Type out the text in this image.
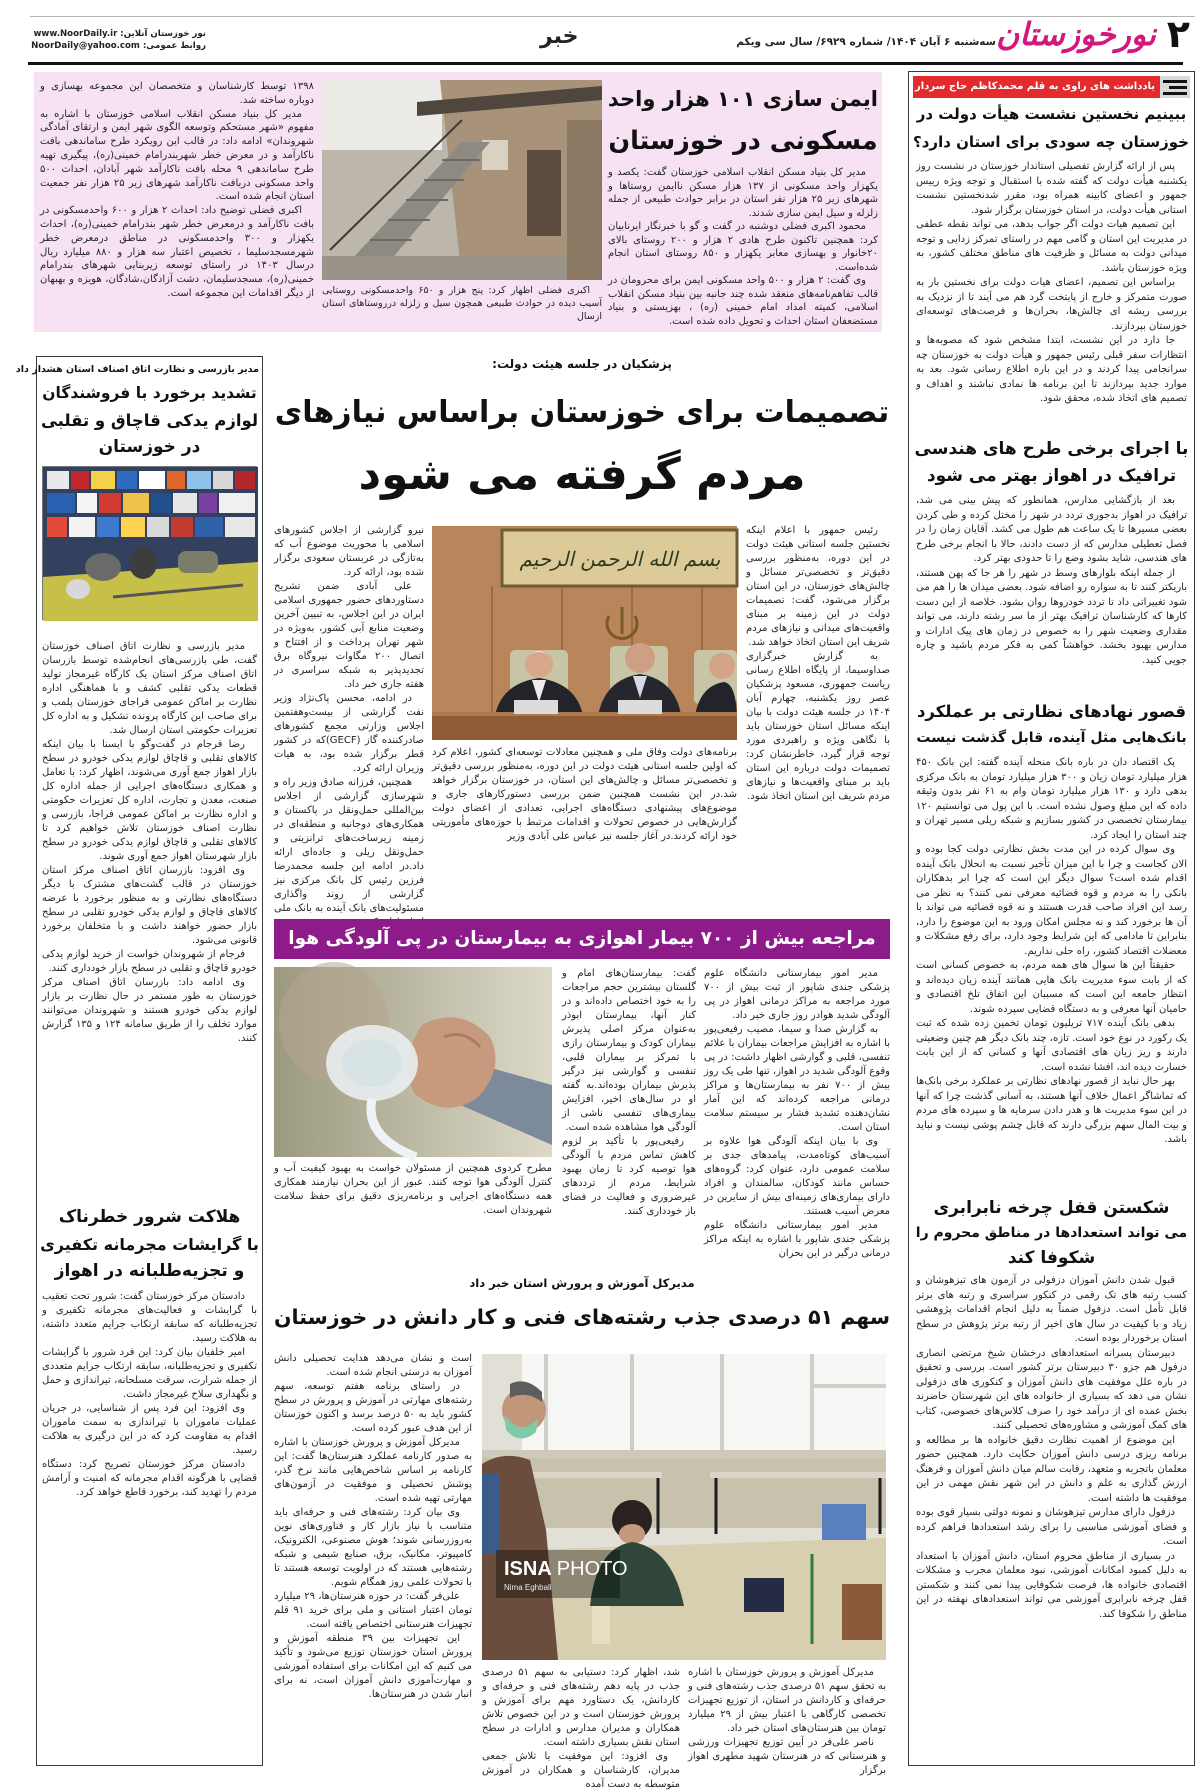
۲
نورخوزستان
سه‌شنبه ۶ آبان ۱۴۰۴/ شماره ۶۹۲۹/ سال سی ویکم
خبر
نور خوزستان آنلاین: www.NoorDaily.ir
روابط عمومی: NoorDaily@yahoo.com
ایمن سازی ۱۰۱ هزار واحد
مسکونی در خوزستان

مدیر کل بنیاد مسکن انقلاب اسلامی خوزستان گفت: یکصد و یکهزار واحد مسکونی از ۱۳۷ هزار مسکن ناایمن روستاها و شهرهای زیر ۲۵ هزار نفر استان در برابر حوادث طبیعی از جمله زلزله و سیل ایمن سازی شدند.

محمود اکبری فضلی دوشنبه در گفت و گو با خبرنگار ایرنابیان کرد: همچنین تاکنون طرح هادی ۲ هزار و ۲۰۰ روستای بالای ۲۰خانوار و بهسازی معابر یکهزار و ۸۵۰ روستای استان انجام شده‌است.

وی گفت: ۲ هزار و ۵۰۰ واحد مسکونی ایمن برای محرومان در قالب تفاهم‌نامه‌های منعقد شده چند جانبه بین بنیاد مسکن انقلاب اسلامی، کمیته امداد امام خمینی (ره) ، بهزیستی و بنیاد مستضعفان استان احداث و تحویل داده شده است.

اکبری فضلی اظهار کرد: پنج هزار و ۶۵۰ واحدمسکونی روستایی آسیب دیده در حوادث طبیعی همچون سیل و زلزله درروستاهای استان ازسال

۱۳۹۸ توسط کارشناسان و متخصصان این مجموعه بهسازی و دوباره ساخته شد.

مدیر کل بنیاد مسکن انقلاب اسلامی خوزستان با اشاره به مفهوم «شهر مستحکم وتوسعه الگوی شهر ایمن و ارتقای آمادگی شهروندان» ادامه داد: در قالب این رویکرد طرح ساماندهی بافت ناکارآمد و در معرض خطر شهربندرامام خمینی(ره)، پیگیری تهیه طرح ساماندهی ۹ محله بافت ناکارآمد شهر آبادان، احداث ۵۰۰ واحد مسکونی دربافت ناکارآمد شهرهای زیر ۲۵ هزار نفر جمعیت استان انجام شده است.

اکبری فضلی توضیح داد: احداث ۲ هزار و ۶۰۰ واحدمسکونی در بافت ناکارآمد و درمعرض خطر شهر بندرامام خمینی(ره)، احداث یکهزار و ۳۰۰ واحدمسکونی در مناطق درمعرض خطر شهرمسجدسلیما ، تخصیص اعتبار سه هزار و ۸۸۰ میلیارد ریال درسال ۱۴۰۳ در راستای توسعه زیربنایی شهرهای بندرامام خمینی(ره)، مسجدسلیمان، دشت آزادگان،شادگان، هویزه و بهبهان از دیگر اقدامات این مجموعه است.

یادداشت های راوی به قلم محمدکاظم حاج سردار
ببینیم نخستین نشست هیأت دولت در
خوزستان چه سودی برای استان دارد؟

پس از ارائه گزارش تفصیلی استاندار خوزستان در نشست روز یکشنبه هیأت دولت که گفته شده با استقبال و توجه ویژه رییس جمهور و اعضای کابینه همراه بود، مقرر شدنخستین نشست استانی هیأت دولت، در استان خوزستان برگزار شود.

این تصمیم هیات دولت اگر جواب بدهد، می تواند نقطه عطفی در مدیریت این استان و گامی مهم در راستای تمرکز زدایی و توجه میدانی دولت به مسائل و ظرفیت های مناطق مختلف کشور، به ویژه خوزستان باشد.

براساس این تصمیم، اعضای هیات دولت برای نخستین بار به صورت متمرکز و خارج از پایتخت گرد هم می آیند تا از نزدیک به بررسی ریشه ای چالش‌ها، بحران‌ها و فرصت‌های توسعه‌ای خوزستان بپردازند.

جا دارد در این نشست، ابتدا مشخص شود که مصوبه‌ها و انتظارات سفر قبلی رئیس جمهور و هیأت دولت به خوزستان چه سرانجامی پیدا کردند و در این باره اطلاع رسانی شود. بعد به موارد جدید بپردازند تا این برنامه ها نمادی نباشند و اهداف و تصمیم های اتخاذ شده، محقق شود.

با اجرای برخی طرح های هندسی
ترافیک در اهواز بهتر می شود

بعد از بازگشایی مدارس، همانطور که پیش بینی می شد، ترافیک در اهواز بدجوری تردد در شهر را مختل کرده و طی کردن بعضی مسیرها تا یک ساعت هم طول می کشد. آقایان زمان را در فصل تعطیلی مدارس که از دست دادند، حالا با انجام برخی طرح های هندسی، شاید بشود وضع را تا حدودی بهتر کرد.

از جمله اینکه بلوارهای وسط در شهر را هر جا که پهن هستند، باریکتر کنند تا به سواره رو اضافه شود. بعضی میدان ها را هم می شود تغییراتی داد تا تردد خودروها روان بشود. خلاصه از این دست کارها که کارشناسان ترافیک بهتر از ما سر رشته دارند، می تواند مقداری وضعیت شهر را به خصوص در زمان های پیک ادارات و مدارس بهبود بخشد. خواهشاً کمی به فکر مردم باشید و چاره جویی کنید.

قصور نهادهای نظارتی بر عملکرد
بانک‌هایی مثل آینده، قابل گذشت نیست

یک اقتصاد دان در باره بانک منحله آینده گفته: این بانک ۴۵۰ هزار میلیارد تومان زیان و ۳۰۰ هزار میلیارد تومان به بانک مرکزی بدهی دارد و ۱۳۰ هزار میلیارد تومان وام به ۶۱ نفر بدون وثیقه داده که این مبلغ وصول نشده است. با این پول می توانستیم ۱۲۰ بیمارستان تخصصی در کشور بسازیم و شبکه ریلی مسیر تهران و چند استان را ایجاد کرد.

وی سوال کرده در این مدت بخش نظارتی دولت کجا بوده و الان کجاست و چرا با این میزان تأخیر نسبت به انحلال بانک آینده اقدام شده است؟ سوال دیگر این است که چرا ابر بدهکاران بانکی را به مردم و قوه قضائیه معرفی نمی کنند؟ به نظر می رسد این افراد صاحب قدرت هستند و نه قوه قضائیه می تواند با آن ها برخورد کند و نه مجلس امکان ورود به این موضوع را دارد، بنابراین تا مادامی که این شرایط وجود دارد، برای رفع مشکلات و معضلات اقتصاد کشور، راه حلی نداریم.

حقیقتاً این ها سوال های همه مردم، به خصوص کسانی است که از بابت سوء مدیریت بانک هایی همانند آینده زیان دیده‌اند و انتظار جامعه این است که مسببان این اتفاق تلخ اقتصادی و حامیان آنها معرفی و به دستگاه قضایی سپرده شوند.

بدهی بانک آینده ۷۱۷ تریلیون تومان تخمین زده شده که ثبت یک رکورد در نوع خود است. تازه، چند بانک دیگر هم چنین وضعیتی دارند و ریز زیان های اقتصادی آنها و کسانی که از این بابت خسارت دیده اند، افشا نشده است.

بهر حال نباید از قصور نهادهای نظارتی بر عملکرد برخی بانک‌ها که تماشاگر اعمال خلاف آنها هستند، به آسانی گذشت چرا که آنها در این سوء مدیریت ها و هدر دادن سرمایه ها و سپرده های مردم و بیت المال سهم بزرگی دارند که قابل چشم پوشی نیست و نباید باشد.

شکستن قفل چرخه نابرابری
می تواند استعدادها در مناطق محروم را
شکوفا کند

قبول شدن دانش آموزان دزفولی در آزمون های تیزهوشان و کسب رتبه های تک رقمی در کنکور سراسری و رتبه های برتر قابل تأمل است. دزفول ضمناً به دلیل انجام اقدامات پژوهشی زیاد و با کیفیت در سال های اخیر از رتبه برتر پژوهش در سطح استان برخوردار بوده است.

دبیرستان پسرانه استعدادهای درخشان شیخ مرتضی انصاری دزفول هم جزو ۳۰ دبیرستان برتر کشور است. بررسی و تحقیق در باره علل موفقیت های دانش آموزان و کنکوری های دزفولی نشان می دهد که بسیاری از خانواده های این شهرستان حاضرند بخش عمده ای از درآمد خود را صرف کلاس‌های خصوصی، کتاب های کمک آموزشی و مشاوره‌های تحصیلی کنند.

این موضوع از اهمیت نظارت دقیق خانواده ها بر مطالعه و برنامه ریزی درسی دانش آموزان حکایت دارد. همچنین حضور معلمان باتجربه و متعهد، رقابت سالم میان دانش آموزان و فرهنگ ارزش گذاری به علم و دانش در این شهر نقش مهمی در این موفقیت ها داشته است.

دزفول دارای مدارس تیزهوشان و نمونه دولتی بسیار قوی بوده و فضای آموزشی مناسبی را برای رشد استعدادها فراهم کرده است.

در بسیاری از مناطق محروم استان، دانش آموزان با استعداد به دلیل کمبود امکانات آموزشی، نبود معلمان مجرب و مشکلات اقتصادی خانواده ها، فرصت شکوفایی پیدا نمی کنند و شکستن قفل چرخه نابرابری آموزشی می تواند استعدادهای نهفته در این مناطق را شکوفا کند.

مدیر بازرسی و نظارت اتاق اصناف استان هشدار داد
تشدید برخورد با فروشندگان
لوازم یدکی قاچاق و تقلبی
در خوزستان

مدیر بازرسی و نظارت اتاق اصناف خوزستان گفت، طی بازرسی‌های انجام‌شده توسط بازرسان اتاق اصناف مرکز استان یک کارگاه غیرمجاز تولید قطعات یدکی تقلبی کشف و با هماهنگی اداره نظارت بر اماکن عمومی فراجای خوزستان پلمب و برای صاحب این کارگاه پرونده تشکیل و به اداره کل تعزیرات حکومتی استان ارسال شد.

رضا فرجام در گفت‌وگو با ایسنا با بیان اینکه کالاهای تقلبی و قاچاق لوازم یدکی خودرو در سطح بازار اهواز جمع آوری می‌شوند، اظهار کرد: با تعامل و همکاری دستگاه‌های اجرایی از جمله اداره کل صنعت، معدن و تجارت، اداره کل تعزیرات حکومتی و اداره نظارت بر اماکن عمومی فراجا، بازرسی و نظارت اصناف خوزستان تلاش خواهیم کرد تا کالاهای تقلبی و قاچاق لوازم یدکی خودرو در سطح بازار شهرستان اهواز جمع آوری شوند.

وی افزود: بازرسان اتاق اصناف مرکز استان خوزستان در قالب گشت‌های مشترک با دیگر دستگاه‌های نظارتی و به منظور برخورد با عرضه کالاهای قاچاق و لوازم یدکی خودرو تقلبی در سطح بازار حضور خواهند داشت و با متخلفان برخورد قانونی می‌شود.

فرجام از شهروندان خواست از خرید لوازم یدکی خودرو قاچاق و تقلبی در سطح بازار خودداری کنند.

وی ادامه داد: بازرسان اتاق اصناف مرکز خوزستان به طور مستمر در حال نظارت بر بازار لوازم یدکی خودرو هستند و شهروندان می‌توانند موارد تخلف را از طریق سامانه ۱۲۴ و ۱۳۵ گزارش کنند.

هلاکت شرور خطرناک
با گرایشات مجرمانه تکفیری
و تجزیه‌طلبانه در اهواز

دادستان مرکز خوزستان گفت: شرور تحت تعقیب با گرایشات و فعالیت‌های مجرمانه تکفیری و تجزیه‌طلبانه که سابقه ارتکاب جرایم متعدد داشته، به هلاکت رسید.

امیر خلفیان بیان کرد: این فرد شرور با گرایشات تکفیری و تجزیه‌طلبانه، سابقه ارتکاب جرایم متعددی از جمله شرارت، سرقت مسلحانه، تیراندازی و حمل و نگهداری سلاح غیرمجاز داشت.

وی افزود: این فرد پس از شناسایی، در جریان عملیات ماموران با تیراندازی به سمت ماموران اقدام به مقاومت کرد که در این درگیری به هلاکت رسید.

دادستان مرکز خوزستان تصریح کرد: دستگاه قضایی با هرگونه اقدام مجرمانه که امنیت و آرامش مردم را تهدید کند، برخورد قاطع خواهد کرد.

پزشکیان در جلسه هیئت دولت:
تصمیمات برای خوزستان براساس نیازهای
مردم گرفته می شود

رئیس جمهور با اعلام اینکه نخستین جلسه استانی هیئت دولت در این دوره، به‌منظور بررسی دقیق‌تر و تخصصی‌تر مسائل و چالش‌های خوزستان، در این استان برگزار می‌شود، گفت: تصمیمات دولت در این زمینه بر مبنای واقعیت‌های میدانی و نیازهای مردم شریف این استان اتخاذ خواهد شد.

به گزارش خبرگزاری صداوسیما، از پایگاه اطلاع رسانی ریاست جمهوری، مسعود پزشکیان عصر روز یکشنبه، چهارم آبان ۱۴۰۴ در جلسه هیئت دولت با بیان اینکه مسائل استان خوزستان باید با نگاهی ویژه و راهبردی مورد توجه قرار گیرد، خاطرنشان کرد: تصمیمات دولت درباره این استان باید بر مبنای واقعیت‌ها و نیازهای مردم شریف این استان اتخاذ شود.

بسم الله الرحمن الرحیم

برنامه‌های دولت وفاق ملی و همچنین معادلات توسعه‌ای کشور، اعلام کرد که اولین جلسه استانی هیئت دولت در این دوره، به‌منظور بررسی دقیق‌تر و تخصصی‌تر مسائل و چالش‌های این استان، در خوزستان برگزار خواهد شد.در این نشست همچنین ضمن بررسی دستورکارهای جاری و موضوع‌های پیشنهادی دستگاه‌های اجرایی، تعدادی از اعضای دولت گزارش‌هایی در خصوص تحولات و اقدامات مرتبط با حوزه‌های مأموریتی خود ارائه کردند.در آغاز جلسه نیز عباس علی آبادی وزیر

نیرو گزارشی از اجلاس کشورهای اسلامی با محوریت موضوع آب که به‌تازگی در عربستان سعودی برگزار شده بود، ارائه کرد.

علی آبادی ضمن تشریح دستاوردهای حضور جمهوری اسلامی ایران در این اجلاس، به تبیین آخرین وضعیت منابع آبی کشور، به‌ویژه در شهر تهران پرداخت و از افتتاح و اتصال ۲۰۰ مگاوات نیروگاه برق تجدیدپذیر به شبکه سراسری در هفته جاری خبر داد.

در ادامه، محسن پاک‌نژاد وزیر نفت گزارشی از بیست‌وهفتمین اجلاس وزارتی مجمع کشورهای صادرکننده گاز (GECF)که در کشور قطر برگزار شده بود، به هیات وزیران ارائه کرد.

همچنین، فرزانه صادق وزیر راه و شهرسازی گزارشی از اجلاس بین‌المللی حمل‌ونقل در پاکستان و همکاری‌های دوجانبه و منطقه‌ای در زمینه زیرساخت‌های ترانزیتی و حمل‌ونقل ریلی و جاده‌ای ارائه داد.در ادامه این جلسه محمدرضا فرزین رئیس کل بانک مرکزی نیز گزارشی از روند واگذاری مسئولیت‌های بانک آینده به بانک ملی

مراجعه بیش از ۷۰۰ بیمار اهوازی به بیمارستان در پی آلودگی هوا

مدیر امور بیمارستانی دانشگاه علوم پزشکی جندی شاپور از ثبت بیش از ۷۰۰ مورد مراجعه به مراکز درمانی اهواز در پی آلودگی شدید هوادر روز جاری خبر داد.

به گزارش صدا و سیما، مصیب رفیعی‌پور با اشاره به افزایش مراجعات بیماران با علائم تنفسی، قلبی و گوارشی اظهار داشت: در پی وقوع آلودگی شدید در اهواز، تنها طی یک روز بیش از ۷۰۰ نفر به بیمارستان‌ها و مراکز درمانی مراجعه کرده‌اند که این آمار نشان‌دهنده تشدید فشار بر سیستم سلامت استان است.

وی با بیان اینکه آلودگی هوا علاوه بر آسیب‌های کوتاه‌مدت، پیامدهای جدی بر سلامت عمومی دارد، عنوان کرد: گروه‌های حساس مانند کودکان، سالمندان و افراد دارای بیماری‌های زمینه‌ای بیش از سایرین در معرض آسیب هستند.

مدیر امور بیمارستانی دانشگاه علوم پزشکی جندی شاپور با اشاره به اینکه مراکز درمانی درگیر در این بحران

گفت: بیمارستان‌های امام و گلستان بیشترین حجم مراجعات را به خود اختصاص داده‌اند و در کنار آنها، بیمارستان ابوذر به‌عنوان مرکز اصلی پذیرش بیماران کودک و بیمارستان رازی با تمرکز بر بیماران قلبی، تنفسی و گوارشی نیز درگیر پذیرش بیماران بوده‌اند.به گفته او در سال‌های اخیر، افزایش بیماری‌های تنفسی ناشی از آلودگی هوا مشاهده شده است.

رفیعی‌پور با تأکید بر لزوم کاهش تماس مردم با آلودگی هوا توصیه کرد تا زمان بهبود شرایط، مردم از ترددهای غیرضروری و فعالیت در فضای باز خودداری کنند.

مطرح کردوی همچنین از مسئولان خواست به بهبود کیفیت آب و کنترل آلودگی هوا توجه کنند. عبور از این بحران نیازمند همکاری همه دستگاه‌های اجرایی و برنامه‌ریزی دقیق برای حفظ سلامت شهروندان است.

مدیرکل آموزش و پرورش استان خبر داد
سهم ۵۱ درصدی جذب رشته‌های فنی و کار دانش در خوزستان

است و نشان می‌دهد هدایت تحصیلی دانش آموزان به درستی انجام شده است.

در راستای برنامه هفتم توسعه، سهم رشته‌های مهارتی در آموزش و پرورش در سطح کشور باید به ۵۰ درصد برسد و اکنون خوزستان از این هدف عبور کرده است.

مدیرکل آموزش و پرورش خوزستان با اشاره به صدور کارنامه عملکرد هنرستان‌ها گفت: این کارنامه بر اساس شاخص‌هایی مانند نرخ گذر، پوشش تحصیلی و موفقیت در آزمون‌های مهارتی تهیه شده است.

وی بیان کرد: رشته‌های فنی و حرفه‌ای باید متناسب با نیاز بازار کار و فناوری‌های نوین به‌روزرسانی شوند؛ هوش مصنوعی، الکترونیک، کامپیوتر، مکانیک، برق، صنایع شیمی و شبکه رشته‌هایی هستند که در اولویت توسعه هستند تا با تحولات علمی روز همگام شویم.

علی‌فر گفت: در حوزه هنرستان‌ها، ۲۹ میلیارد تومان اعتبار استانی و ملی برای خرید ۹۱ قلم تجهیزات هنرستانی اختصاص یافته است.

این تجهیزات بین ۳۹ منطقه آموزش و پرورش استان خوزستان توزیع می‌شود و تأکید می کنیم که این امکانات برای استفاده آموزشی و مهارت‌آموزی دانش آموزان است، نه برای انبار شدن در هنرستان‌ها.

ISNA PHOTO
Nima Eghbali

مدیرکل آموزش و پرورش خوزستان با اشاره به تحقق سهم ۵۱ درصدی جذب رشته‌های فنی و حرفه‌ای و کاردانش در استان، از توزیع تجهیزات تخصصی کارگاهی با اعتبار بیش از ۲۹ میلیارد تومان بین هنرستان‌های استان خبر داد.

ناصر علی‌فر در آیین توزیع تجهیزات ورزشی و هنرستانی که در هنرستان شهید مطهری اهواز برگزار

شد، اظهار کرد: دستیابی به سهم ۵۱ درصدی جذب در پایه دهم رشته‌های فنی و حرفه‌ای و کاردانش، یک دستاورد مهم برای آموزش و پرورش خوزستان است و در این خصوص تلاش همکاران و مدیران مدارس و ادارات در سطح استان نقش بسیاری داشته است.

وی افزود: این موفقیت با تلاش جمعی مدیران، کارشناسان و همکاران در آموزش متوسطه به دست آمده
